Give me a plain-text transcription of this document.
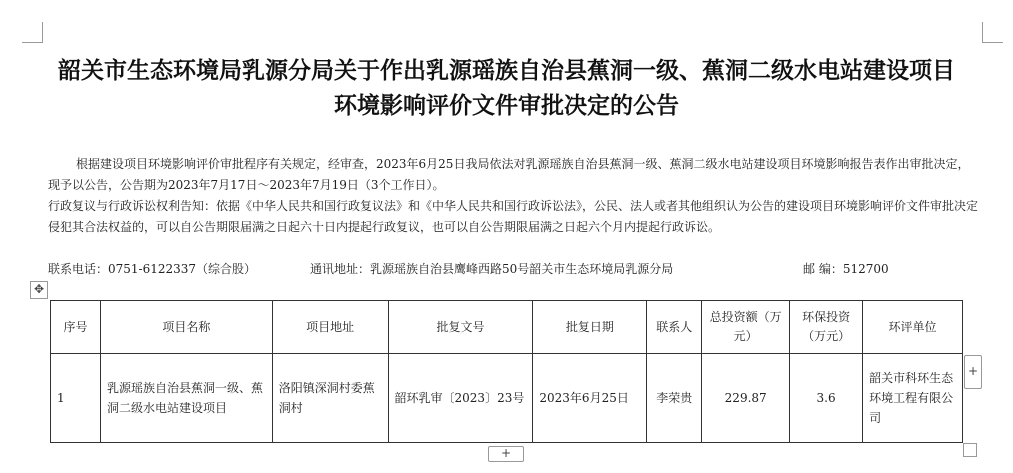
韶关市生态环境局乳源分局关于作出乳源瑶族自治县蕉洞一级、蕉洞二级水电站建设项目
环境影响评价文件审批决定的公告
根据建设项目环境影响评价审批程序有关规定，经审查，2023年6月25日我局依法对乳源瑶族自治县蕉洞一级、蕉洞二级水电站建设项目环境影响报告表作出审批决定，现予以公告，公告期为2023年7月17日～2023年7月19日（3个工作日）。
行政复议与行政诉讼权利告知：依据《中华人民共和国行政复议法》和《中华人民共和国行政诉讼法》，公民、法人或者其他组织认为公告的建设项目环境影响评价文件审批决定侵犯其合法权益的，可以自公告期限届满之日起六十日内提起行政复议，也可以自公告期限届满之日起六个月内提起行政诉讼。
联系电话：0751-6122337（综合股）	通讯地址：乳源瑶族自治县鹰峰西路50号韶关市生态环境局乳源分局	邮 编：512700
✥
序号	项目名称	项目地址	批复文号	批复日期	联系人	总投资额（万元）	环保投资（万元）	环评单位
1	乳源瑶族自治县蕉洞一级、蕉洞二级水电站建设项目	洛阳镇深洞村委蕉洞村	韶环乳审〔2023〕23号	2023年6月25日	李荣贵	229.87	3.6	韶关市科环生态环境工程有限公司
+
+
